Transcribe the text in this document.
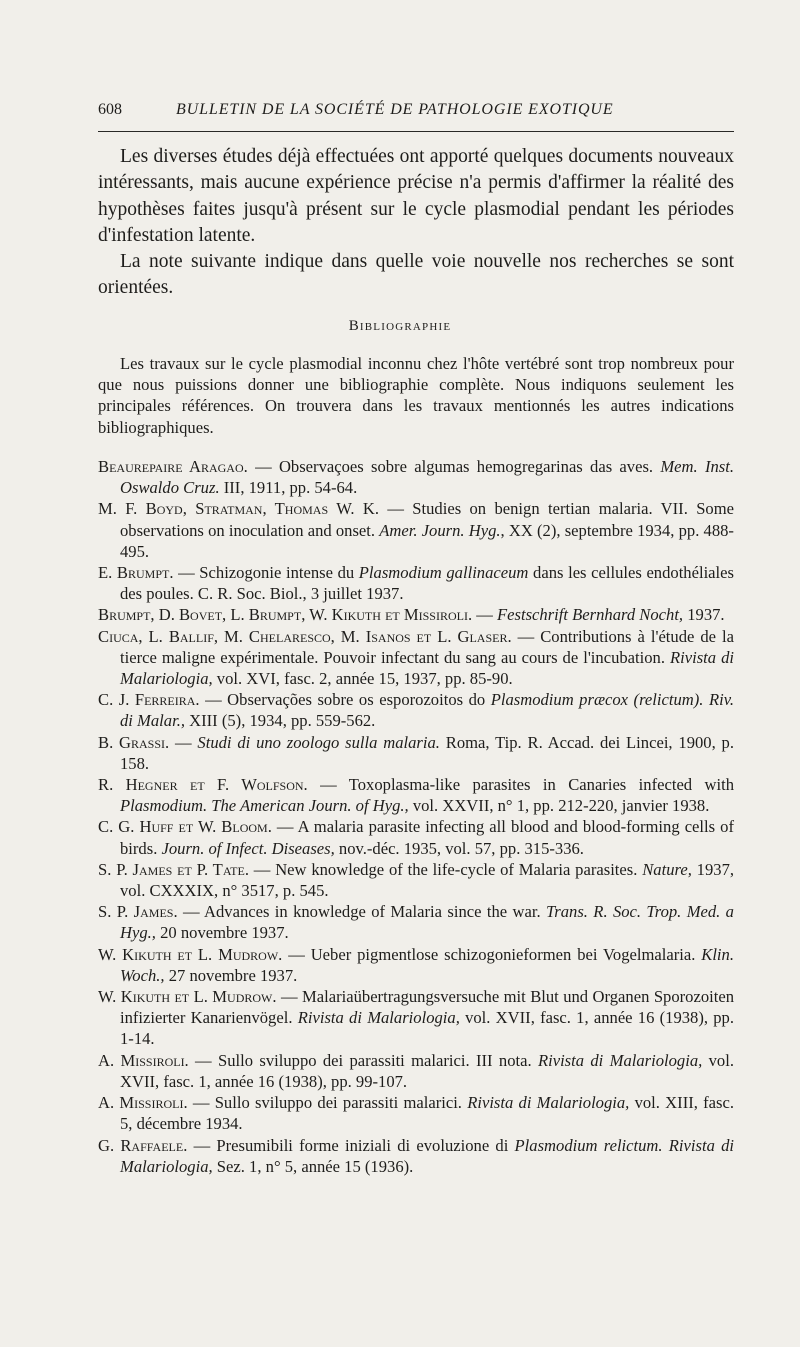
608	BULLETIN DE LA SOCIÉTÉ DE PATHOLOGIE EXOTIQUE

Les diverses études déjà effectuées ont apporté quelques documents nouveaux intéressants, mais aucune expérience précise n'a permis d'affirmer la réalité des hypothèses faites jusqu'à présent sur le cycle plasmodial pendant les périodes d'infestation latente.

La note suivante indique dans quelle voie nouvelle nos recherches se sont orientées.

Bibliographie

Les travaux sur le cycle plasmodial inconnu chez l'hôte vertébré sont trop nombreux pour que nous puissions donner une bibliographie complète. Nous indiquons seulement les principales références. On trouvera dans les travaux mentionnés les autres indications bibliographiques.

Beaurepaire Aragao. — Observaçoes sobre algumas hemogregarinas das aves. Mem. Inst. Oswaldo Cruz. III, 1911, pp. 54-64.

M. F. Boyd, Stratman, Thomas W. K. — Studies on benign tertian malaria. VII. Some observations on inoculation and onset. Amer. Journ. Hyg., XX (2), septembre 1934, pp. 488-495.

E. Brumpt. — Schizogonie intense du Plasmodium gallinaceum dans les cellules endothéliales des poules. C. R. Soc. Biol., 3 juillet 1937.

Brumpt, D. Bovet, L. Brumpt, W. Kikuth et Missiroli. — Festschrift Bernhard Nocht, 1937.

Ciuca, L. Ballif, M. Chelaresco, M. Isanos et L. Glaser. — Contributions à l'étude de la tierce maligne expérimentale. Pouvoir infectant du sang au cours de l'incubation. Rivista di Malariologia, vol. XVI, fasc. 2, année 15, 1937, pp. 85-90.

C. J. Ferreira. — Observações sobre os esporozoitos do Plasmodium præcox (relictum). Riv. di Malar., XIII (5), 1934, pp. 559-562.

B. Grassi. — Studi di uno zoologo sulla malaria. Roma, Tip. R. Accad. dei Lincei, 1900, p. 158.

R. Hegner et F. Wolfson. — Toxoplasma-like parasites in Canaries infected with Plasmodium. The American Journ. of Hyg., vol. XXVII, n° 1, pp. 212-220, janvier 1938.

C. G. Huff et W. Bloom. — A malaria parasite infecting all blood and blood-forming cells of birds. Journ. of Infect. Diseases, nov.-déc. 1935, vol. 57, pp. 315-336.

S. P. James et P. Tate. — New knowledge of the life-cycle of Malaria parasites. Nature, 1937, vol. CXXXIX, n° 3517, p. 545.

S. P. James. — Advances in knowledge of Malaria since the war. Trans. R. Soc. Trop. Med. a Hyg., 20 novembre 1937.

W. Kikuth et L. Mudrow. — Ueber pigmentlose schizogonieformen bei Vogelmalaria. Klin. Woch., 27 novembre 1937.

W. Kikuth et L. Mudrow. — Malariaübertragungsversuche mit Blut und Organen Sporozoiten infizierter Kanarienvögel. Rivista di Malariologia, vol. XVII, fasc. 1, année 16 (1938), pp. 1-14.

A. Missiroli. — Sullo sviluppo dei parassiti malarici. III nota. Rivista di Malariologia, vol. XVII, fasc. 1, année 16 (1938), pp. 99-107.

A. Missiroli. — Sullo sviluppo dei parassiti malarici. Rivista di Malariologia, vol. XIII, fasc. 5, décembre 1934.

G. Raffaele. — Presumibili forme iniziali di evoluzione di Plasmodium relictum. Rivista di Malariologia, Sez. 1, n° 5, année 15 (1936).
